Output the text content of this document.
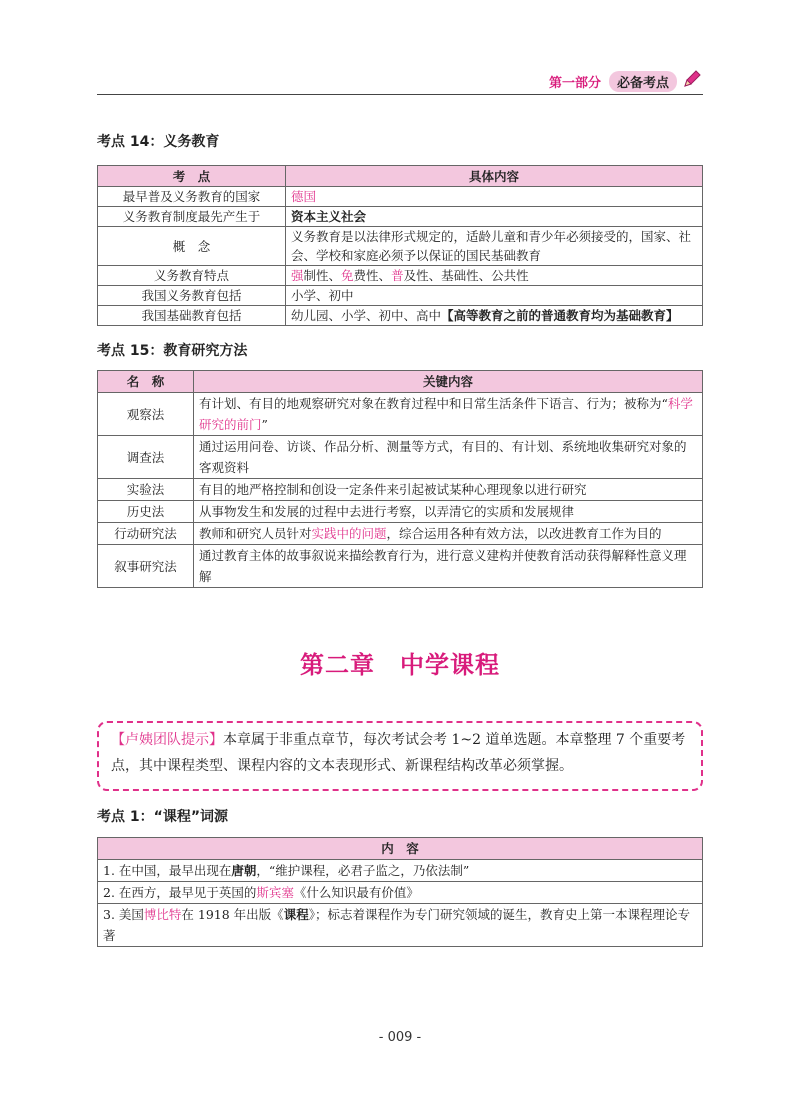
第一部分	必备考点
考点 14：义务教育
考　点	具体内容
最早普及义务教育的国家	德国
义务教育制度最先产生于	资本主义社会
概　念	义务教育是以法律形式规定的，适龄儿童和青少年必须接受的，国家、社会、学校和家庭必须予以保证的国民基础教育
义务教育特点	强制性、免费性、普及性、基础性、公共性
我国义务教育包括	小学、初中
我国基础教育包括	幼儿园、小学、初中、高中【高等教育之前的普通教育均为基础教育】
考点 15：教育研究方法
名　称	关键内容
观察法	有计划、有目的地观察研究对象在教育过程中和日常生活条件下语言、行为；被称为“科学研究的前门”
调查法	通过运用问卷、访谈、作品分析、测量等方式，有目的、有计划、系统地收集研究对象的客观资料
实验法	有目的地严格控制和创设一定条件来引起被试某种心理现象以进行研究
历史法	从事物发生和发展的过程中去进行考察，以弄清它的实质和发展规律
行动研究法	教师和研究人员针对实践中的问题，综合运用各种有效方法，以改进教育工作为目的
叙事研究法	通过教育主体的故事叙说来描绘教育行为，进行意义建构并使教育活动获得解释性意义理解
第二章　中学课程
【卢姨团队提示】本章属于非重点章节，每次考试会考 1~2 道单选题。本章整理 7 个重要考点，其中课程类型、课程内容的文本表现形式、新课程结构改革必须掌握。
考点 1：“课程”词源
内　容
1. 在中国，最早出现在唐朝，“维护课程，必君子监之，乃依法制”
2. 在西方，最早见于英国的斯宾塞《什么知识最有价值》
3. 美国博比特在 1918 年出版《课程》；标志着课程作为专门研究领域的诞生，教育史上第一本课程理论专著
- 009 -
